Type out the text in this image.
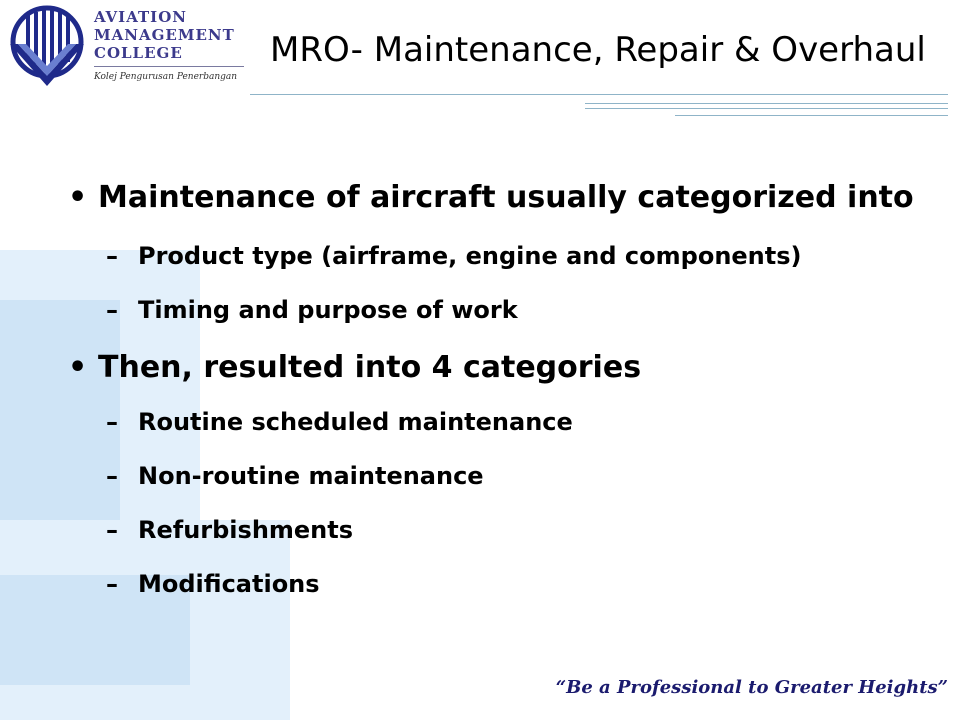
AVIATION
MANAGEMENT
COLLEGE
Kolej Pengurusan Penerbangan
MRO- Maintenance, Repair & Overhaul
• Maintenance of aircraft usually categorized into
– Product type (airframe, engine and components)
– Timing and purpose of work
• Then, resulted into 4 categories
– Routine scheduled maintenance
– Non-routine maintenance
– Refurbishments
– Modifications
“Be a Professional to Greater Heights”
